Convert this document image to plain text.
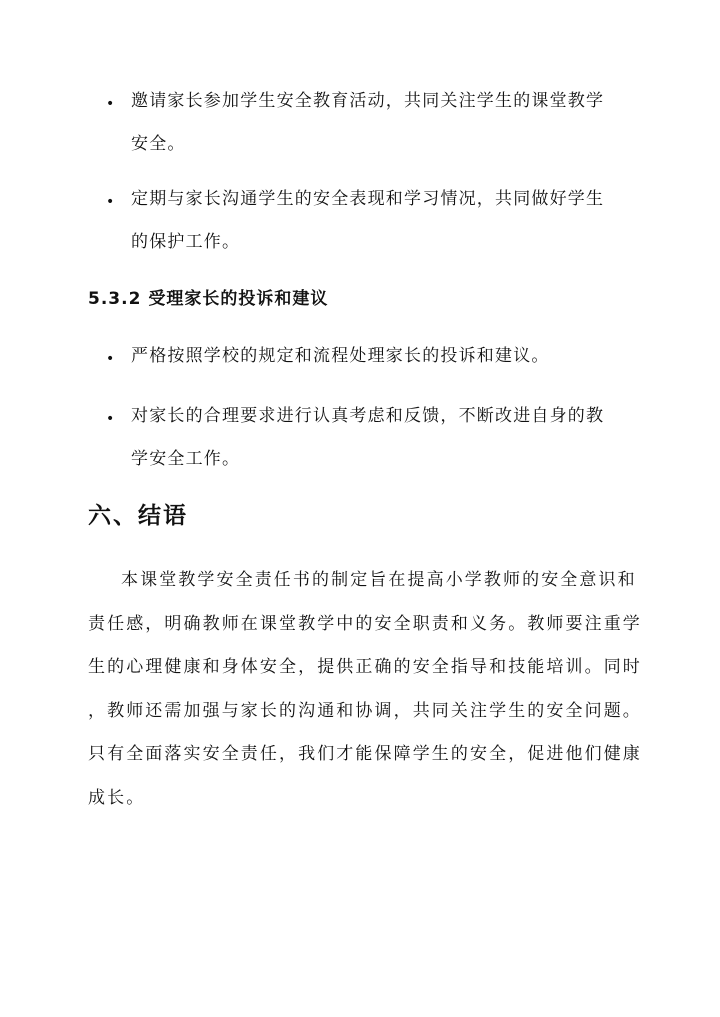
• 邀请家长参加学生安全教育活动，共同关注学生的课堂教学
安全。
• 定期与家长沟通学生的安全表现和学习情况，共同做好学生
的保护工作。
5.3.2 受理家长的投诉和建议
• 严格按照学校的规定和流程处理家长的投诉和建议。
• 对家长的合理要求进行认真考虑和反馈，不断改进自身的教
学安全工作。
六、结语
本课堂教学安全责任书的制定旨在提高小学教师的安全意识和
责任感，明确教师在课堂教学中的安全职责和义务。教师要注重学
生的心理健康和身体安全，提供正确的安全指导和技能培训。同时
，教师还需加强与家长的沟通和协调，共同关注学生的安全问题。
只有全面落实安全责任，我们才能保障学生的安全，促进他们健康
成长。
